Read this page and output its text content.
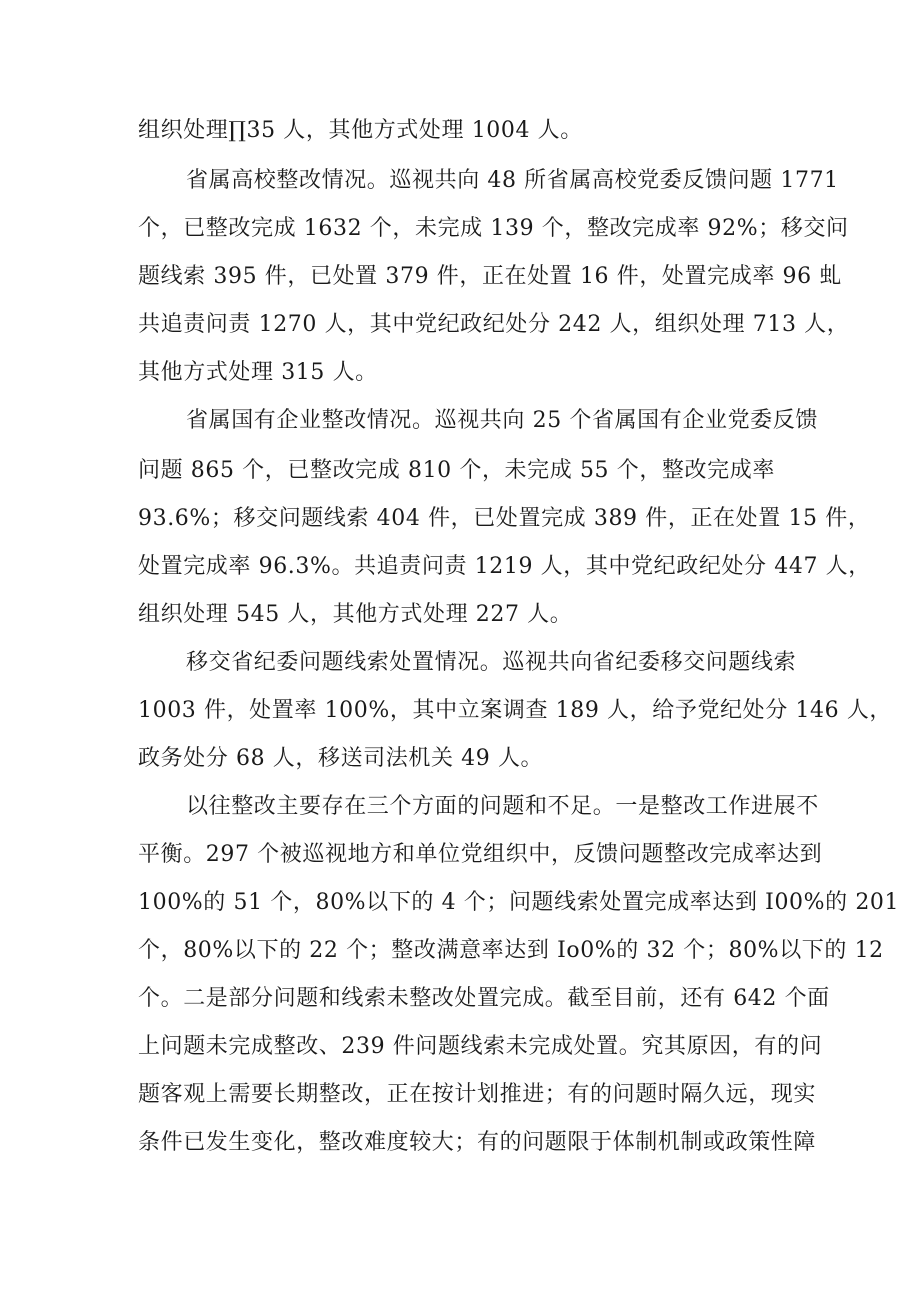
组织处理∏35 人，其他方式处理 1004 人。
省属高校整改情况。巡视共向 48 所省属高校党委反馈问题 1771
个，已整改完成 1632 个，未完成 139 个，整改完成率 92%；移交问
题线索 395 件，已处置 379 件，正在处置 16 件，处置完成率 96 虬
共追责问责 1270 人，其中党纪政纪处分 242 人，组织处理 713 人，
其他方式处理 315 人。
省属国有企业整改情况。巡视共向 25 个省属国有企业党委反馈
问题 865 个，已整改完成 810 个，未完成 55 个，整改完成率
93.6%；移交问题线索 404 件，已处置完成 389 件，正在处置 15 件，
处置完成率 96.3%。共追责问责 1219 人，其中党纪政纪处分 447 人，
组织处理 545 人，其他方式处理 227 人。
移交省纪委问题线索处置情况。巡视共向省纪委移交问题线索
1003 件，处置率 100%，其中立案调查 189 人，给予党纪处分 146 人，
政务处分 68 人，移送司法机关 49 人。
以往整改主要存在三个方面的问题和不足。一是整改工作进展不
平衡。297 个被巡视地方和单位党组织中，反馈问题整改完成率达到
100%的 51 个，80%以下的 4 个；问题线索处置完成率达到 I00%的 201
个，80%以下的 22 个；整改满意率达到 Io0%的 32 个；80%以下的 12
个。二是部分问题和线索未整改处置完成。截至目前，还有 642 个面
上问题未完成整改、239 件问题线索未完成处置。究其原因，有的问
题客观上需要长期整改，正在按计划推进；有的问题时隔久远，现实
条件已发生变化，整改难度较大；有的问题限于体制机制或政策性障
